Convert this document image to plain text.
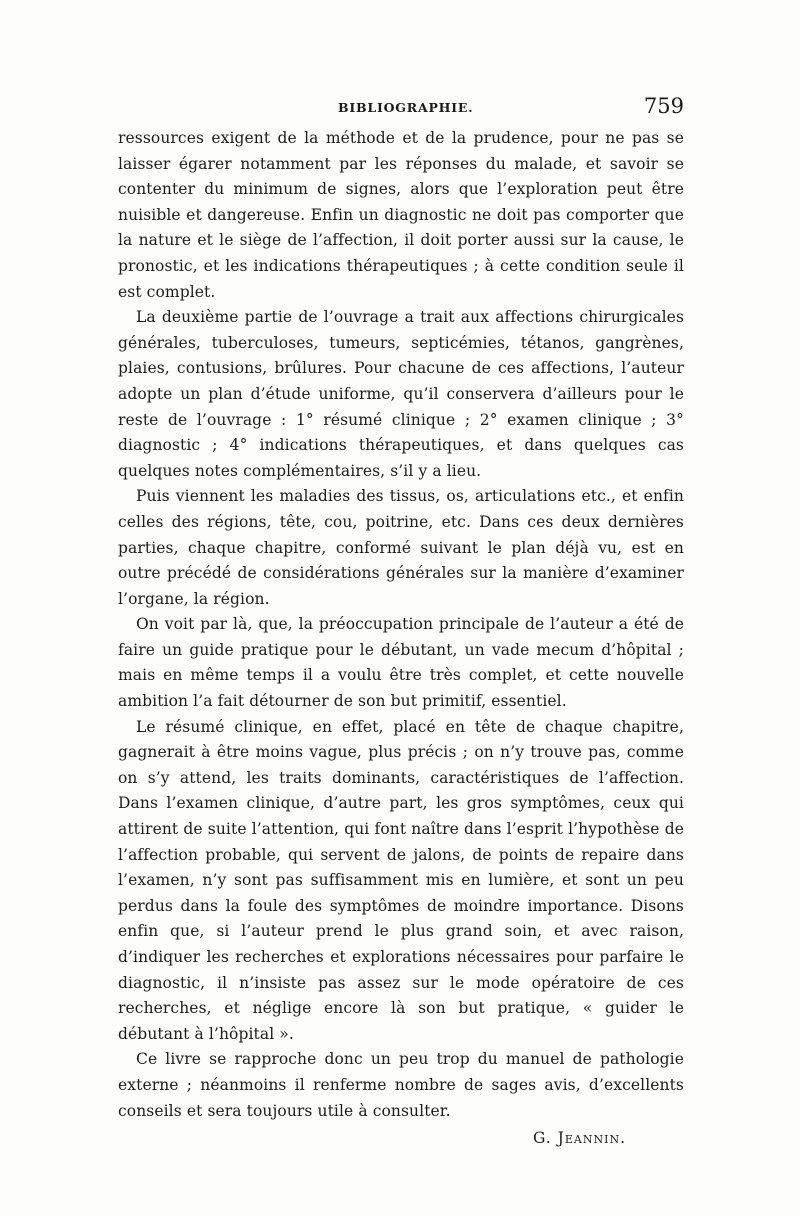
BIBLIOGRAPHIE.	759

ressources exigent de la méthode et de la prudence, pour ne pas se laisser égarer notamment par les réponses du malade, et savoir se contenter du minimum de signes, alors que l’exploration peut être nuisible et dangereuse. Enfin un diagnostic ne doit pas comporter que la nature et le siège de l’affection, il doit porter aussi sur la cause, le pronostic, et les indications thérapeutiques ; à cette condition seule il est complet.

La deuxième partie de l’ouvrage a trait aux affections chirurgicales générales, tuberculoses, tumeurs, septicémies, tétanos, gangrènes, plaies, contusions, brûlures. Pour chacune de ces affections, l’auteur adopte un plan d’étude uniforme, qu’il conservera d’ailleurs pour le reste de l’ouvrage : 1° résumé clinique ; 2° examen clinique ; 3° diagnostic ; 4° indications thérapeutiques, et dans quelques cas quelques notes complémentaires, s’il y a lieu.

Puis viennent les maladies des tissus, os, articulations etc., et enfin celles des régions, tête, cou, poitrine, etc. Dans ces deux dernières parties, chaque chapitre, conformé suivant le plan déjà vu, est en outre précédé de considérations générales sur la manière d’examiner l’organe, la région.

On voit par là, que, la préoccupation principale de l’auteur a été de faire un guide pratique pour le débutant, un vade mecum d’hôpital ; mais en même temps il a voulu être très complet, et cette nouvelle ambition l’a fait détourner de son but primitif, essentiel.

Le résumé clinique, en effet, placé en tête de chaque chapitre, gagnerait à être moins vague, plus précis ; on n’y trouve pas, comme on s’y attend, les traits dominants, caractéristiques de l’affection. Dans l’examen clinique, d’autre part, les gros symptômes, ceux qui attirent de suite l’attention, qui font naître dans l’esprit l’hypothèse de l’affection probable, qui servent de jalons, de points de repaire dans l’examen, n’y sont pas suffisamment mis en lumière, et sont un peu perdus dans la foule des symptômes de moindre importance. Disons enfin que, si l’auteur prend le plus grand soin, et avec raison, d’indiquer les recherches et explorations nécessaires pour parfaire le diagnostic, il n’insiste pas assez sur le mode opératoire de ces recherches, et néglige encore là son but pratique, « guider le débutant à l’hôpital ».

Ce livre se rapproche donc un peu trop du manuel de pathologie externe ; néanmoins il renferme nombre de sages avis, d’excellents conseils et sera toujours utile à consulter.

G. Jeannin.
